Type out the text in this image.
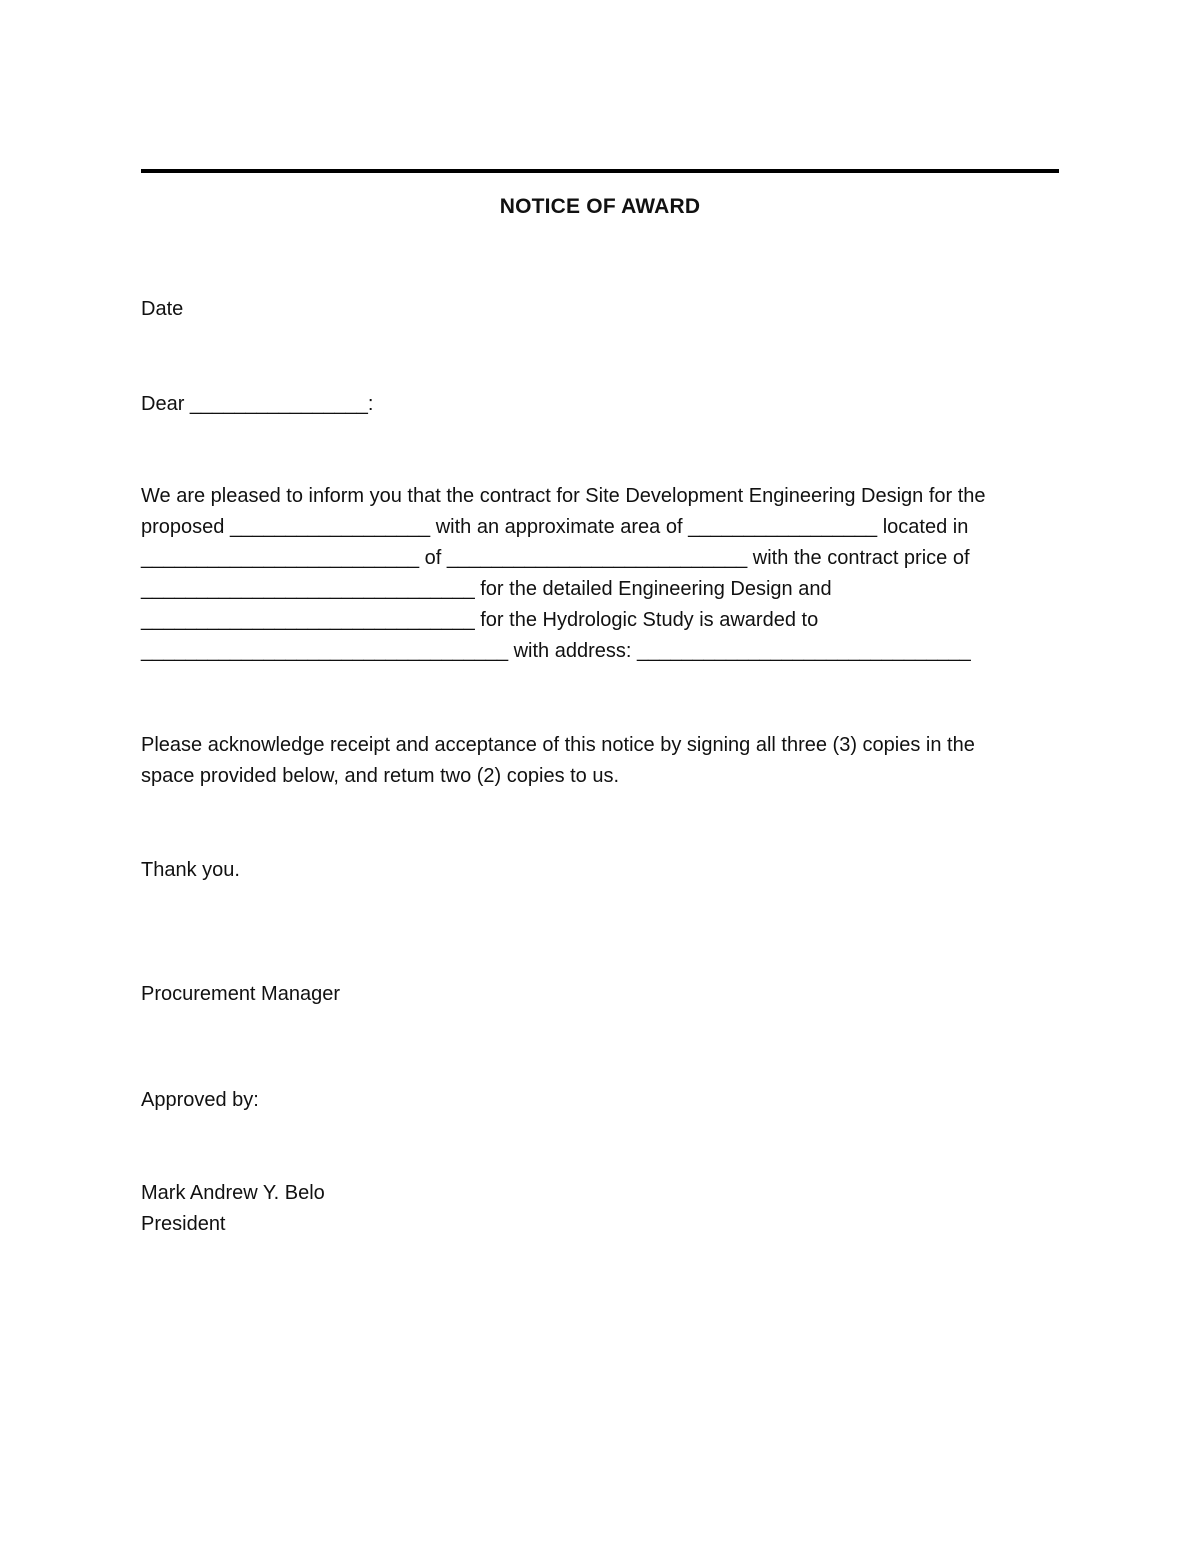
NOTICE OF AWARD
Date
Dear ________________:
We are pleased to inform you that the contract for Site Development Engineering Design for the
proposed __________________ with an approximate area of _________________ located in
_________________________ of ___________________________ with the contract price of
______________________________ for the detailed Engineering Design and
______________________________ for the Hydrologic Study is awarded to
_________________________________ with address: ______________________________
Please acknowledge receipt and acceptance of this notice by signing all three (3) copies in the
space provided below, and retum two (2) copies to us.
Thank you.
Procurement Manager
Approved by:
Mark Andrew Y. Belo
President
